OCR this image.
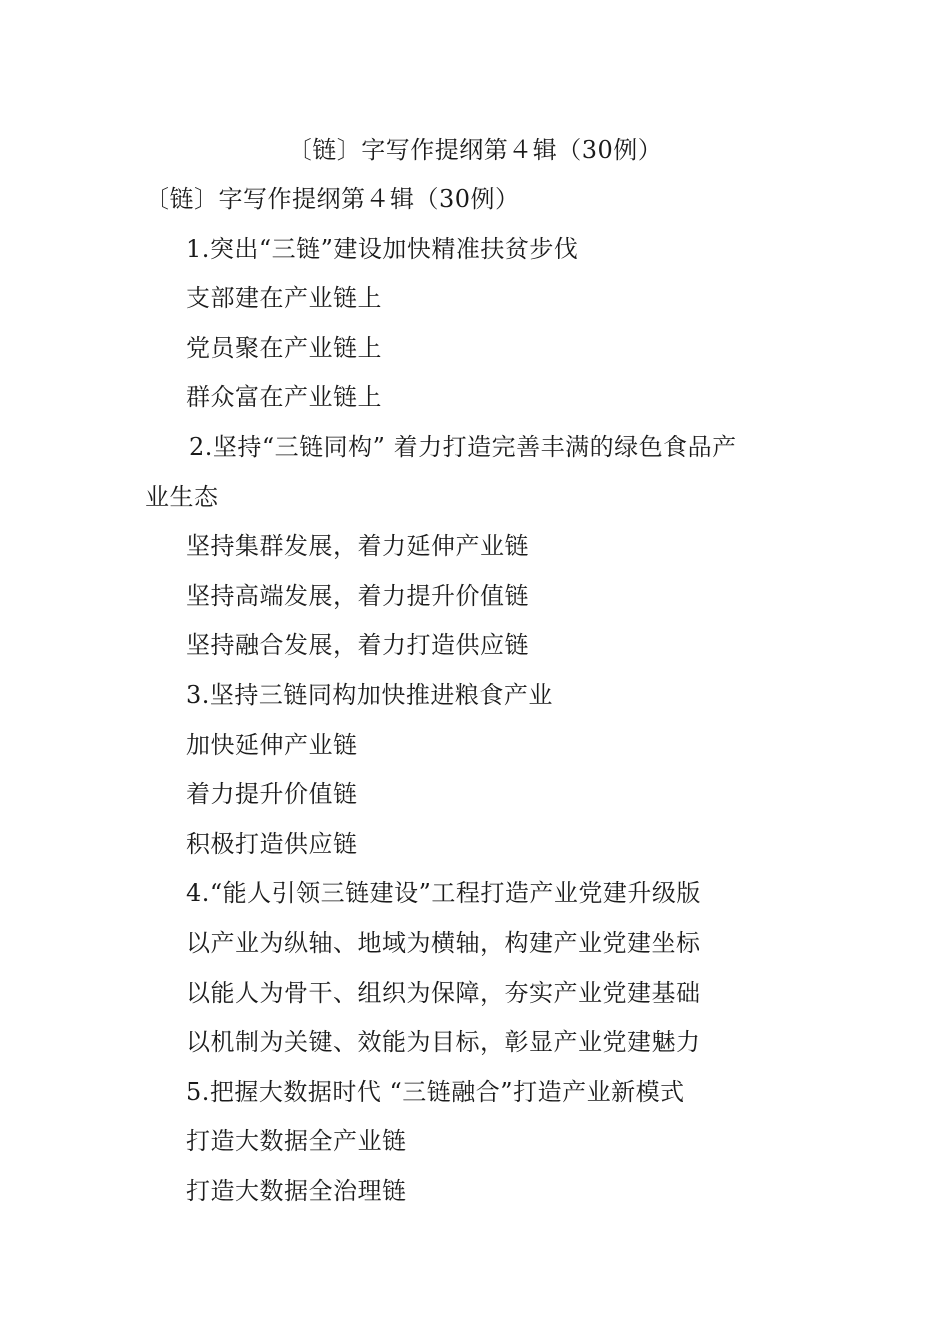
〔链〕字写作提纲第４辑（30例）
〔链〕字写作提纲第４辑（30例）
1.突出“三链”建设加快精准扶贫步伐
支部建在产业链上
党员聚在产业链上
群众富在产业链上
2.坚持“三链同构” 着力打造完善丰满的绿色食品产
业生态
坚持集群发展，着力延伸产业链
坚持高端发展，着力提升价值链
坚持融合发展，着力打造供应链
3.坚持三链同构加快推进粮食产业
加快延伸产业链
着力提升价值链
积极打造供应链
4.“能人引领三链建设”工程打造产业党建升级版
以产业为纵轴、地域为横轴，构建产业党建坐标
以能人为骨干、组织为保障，夯实产业党建基础
以机制为关键、效能为目标，彰显产业党建魅力
5.把握大数据时代 “三链融合”打造产业新模式
打造大数据全产业链
打造大数据全治理链
